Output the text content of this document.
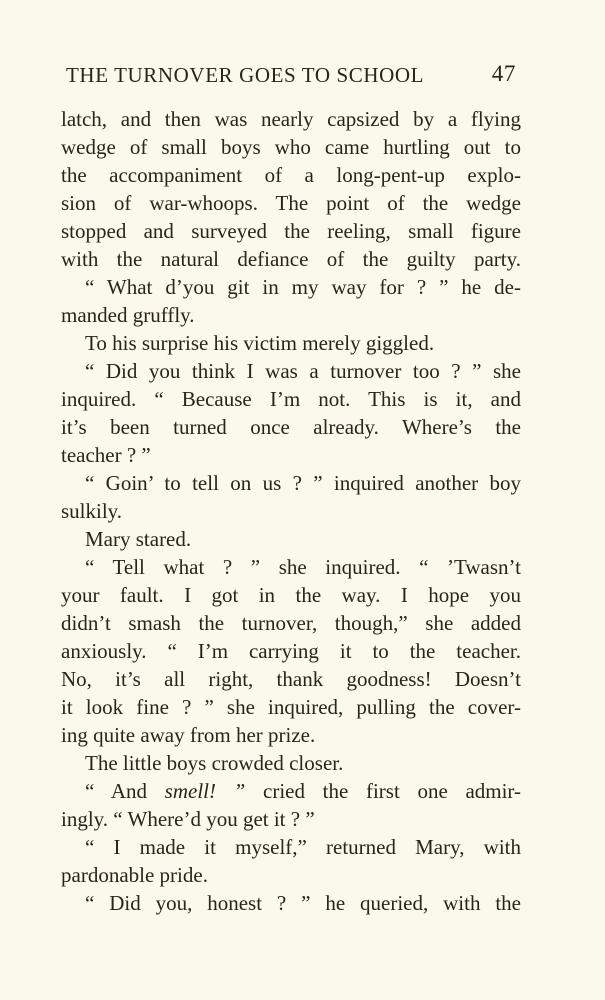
THE TURNOVER GOES TO SCHOOL	47
latch, and then was nearly capsized by a flying
wedge of small boys who came hurtling out to
the accompaniment of a long-pent-up explo-
sion of war-whoops. The point of the wedge
stopped and surveyed the reeling, small figure
with the natural defiance of the guilty party.
“ What d’you git in my way for ? ” he de-
manded gruffly.
To his surprise his victim merely giggled.
“ Did you think I was a turnover too ? ” she
inquired. “ Because I’m not. This is it, and
it’s been turned once already. Where’s the
teacher ? ”
“ Goin’ to tell on us ? ” inquired another boy
sulkily.
Mary stared.
“ Tell what ? ” she inquired. “ ’Twasn’t
your fault. I got in the way. I hope you
didn’t smash the turnover, though,” she added
anxiously. “ I’m carrying it to the teacher.
No, it’s all right, thank goodness! Doesn’t
it look fine ? ” she inquired, pulling the cover-
ing quite away from her prize.
The little boys crowded closer.
“ And smell! ” cried the first one admir-
ingly. “ Where’d you get it ? ”
“ I made it myself,” returned Mary, with
pardonable pride.
“ Did you, honest ? ” he queried, with the
